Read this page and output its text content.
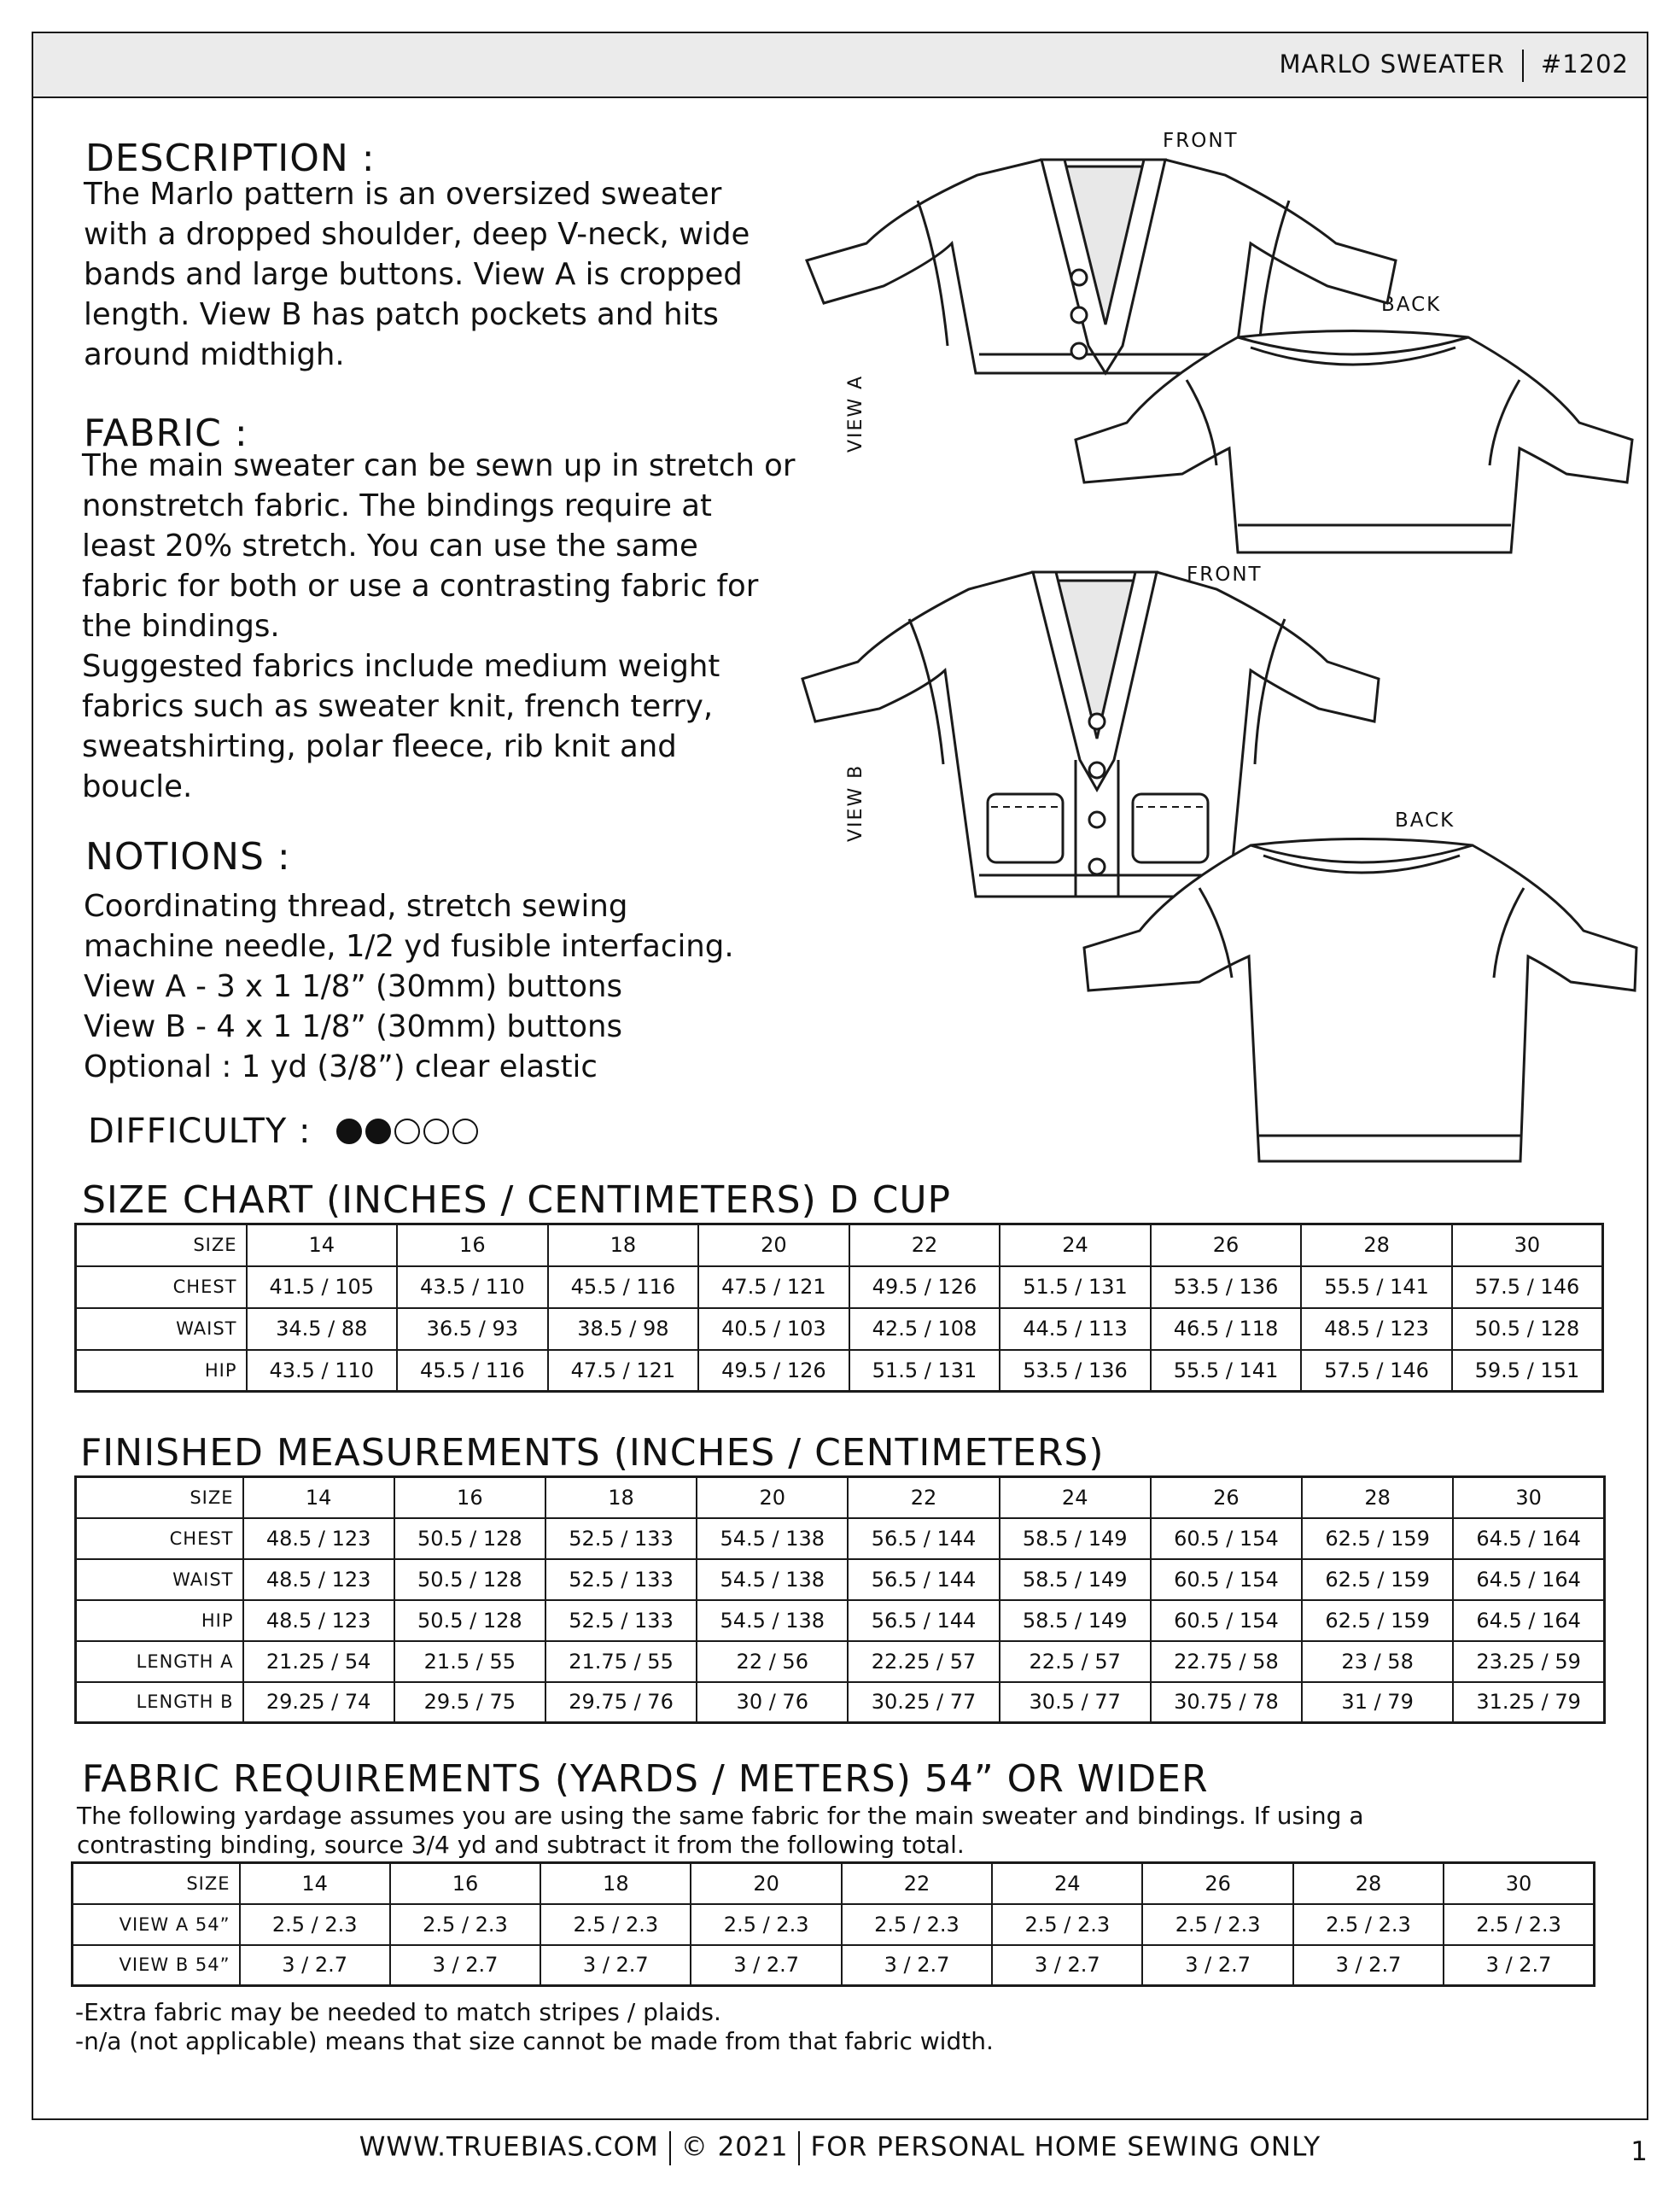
MARLO SWEATER #1202
DESCRIPTION :
The Marlo pattern is an oversized sweater
with a dropped shoulder, deep V-neck, wide
bands and large buttons. View A is cropped
length. View B has patch pockets and hits
around midthigh.
FABRIC :
The main sweater can be sewn up in stretch or
nonstretch fabric. The bindings require at
least 20% stretch. You can use the same
fabric for both or use a contrasting fabric for
the bindings.
Suggested fabrics include medium weight
fabrics such as sweater knit, french terry,
sweatshirting, polar fleece, rib knit and
boucle.
NOTIONS :
Coordinating thread, stretch sewing
machine needle, 1/2 yd fusible interfacing.
View A - 3 x 1 1/8” (30mm) buttons
View B - 4 x 1 1/8” (30mm) buttons
Optional : 1 yd (3/8”) clear elastic
DIFFICULTY :
FRONT
BACK
FRONT
BACK
VIEW A
VIEW B
SIZE CHART (INCHES / CENTIMETERS) D CUP
SIZE	14	16	18	20	22	24	26	28	30
CHEST	41.5 / 105	43.5 / 110	45.5 / 116	47.5 / 121	49.5 / 126	51.5 / 131	53.5 / 136	55.5 / 141	57.5 / 146
WAIST	34.5 / 88	36.5 / 93	38.5 / 98	40.5 / 103	42.5 / 108	44.5 / 113	46.5 / 118	48.5 / 123	50.5 / 128
HIP	43.5 / 110	45.5 / 116	47.5 / 121	49.5 / 126	51.5 / 131	53.5 / 136	55.5 / 141	57.5 / 146	59.5 / 151
FINISHED MEASUREMENTS (INCHES / CENTIMETERS)
SIZE	14	16	18	20	22	24	26	28	30
CHEST	48.5 / 123	50.5 / 128	52.5 / 133	54.5 / 138	56.5 / 144	58.5 / 149	60.5 / 154	62.5 / 159	64.5 / 164
WAIST	48.5 / 123	50.5 / 128	52.5 / 133	54.5 / 138	56.5 / 144	58.5 / 149	60.5 / 154	62.5 / 159	64.5 / 164
HIP	48.5 / 123	50.5 / 128	52.5 / 133	54.5 / 138	56.5 / 144	58.5 / 149	60.5 / 154	62.5 / 159	64.5 / 164
LENGTH A	21.25 / 54	21.5 / 55	21.75 / 55	22 / 56	22.25 / 57	22.5 / 57	22.75 / 58	23 / 58	23.25 / 59
LENGTH B	29.25 / 74	29.5 / 75	29.75 / 76	30 / 76	30.25 / 77	30.5 / 77	30.75 / 78	31 / 79	31.25 / 79
FABRIC REQUIREMENTS (YARDS / METERS) 54” OR WIDER
The following yardage assumes you are using the same fabric for the main sweater and bindings. If using a
contrasting binding, source 3/4 yd and subtract it from the following total.
SIZE	14	16	18	20	22	24	26	28	30
VIEW A 54”	2.5 / 2.3	2.5 / 2.3	2.5 / 2.3	2.5 / 2.3	2.5 / 2.3	2.5 / 2.3	2.5 / 2.3	2.5 / 2.3	2.5 / 2.3
VIEW B 54”	3 / 2.7	3 / 2.7	3 / 2.7	3 / 2.7	3 / 2.7	3 / 2.7	3 / 2.7	3 / 2.7	3 / 2.7
-Extra fabric may be needed to match stripes / plaids.
-n/a (not applicable) means that size cannot be made from that fabric width.
WWW.TRUEBIAS.COM © 2021 FOR PERSONAL HOME SEWING ONLY	1
